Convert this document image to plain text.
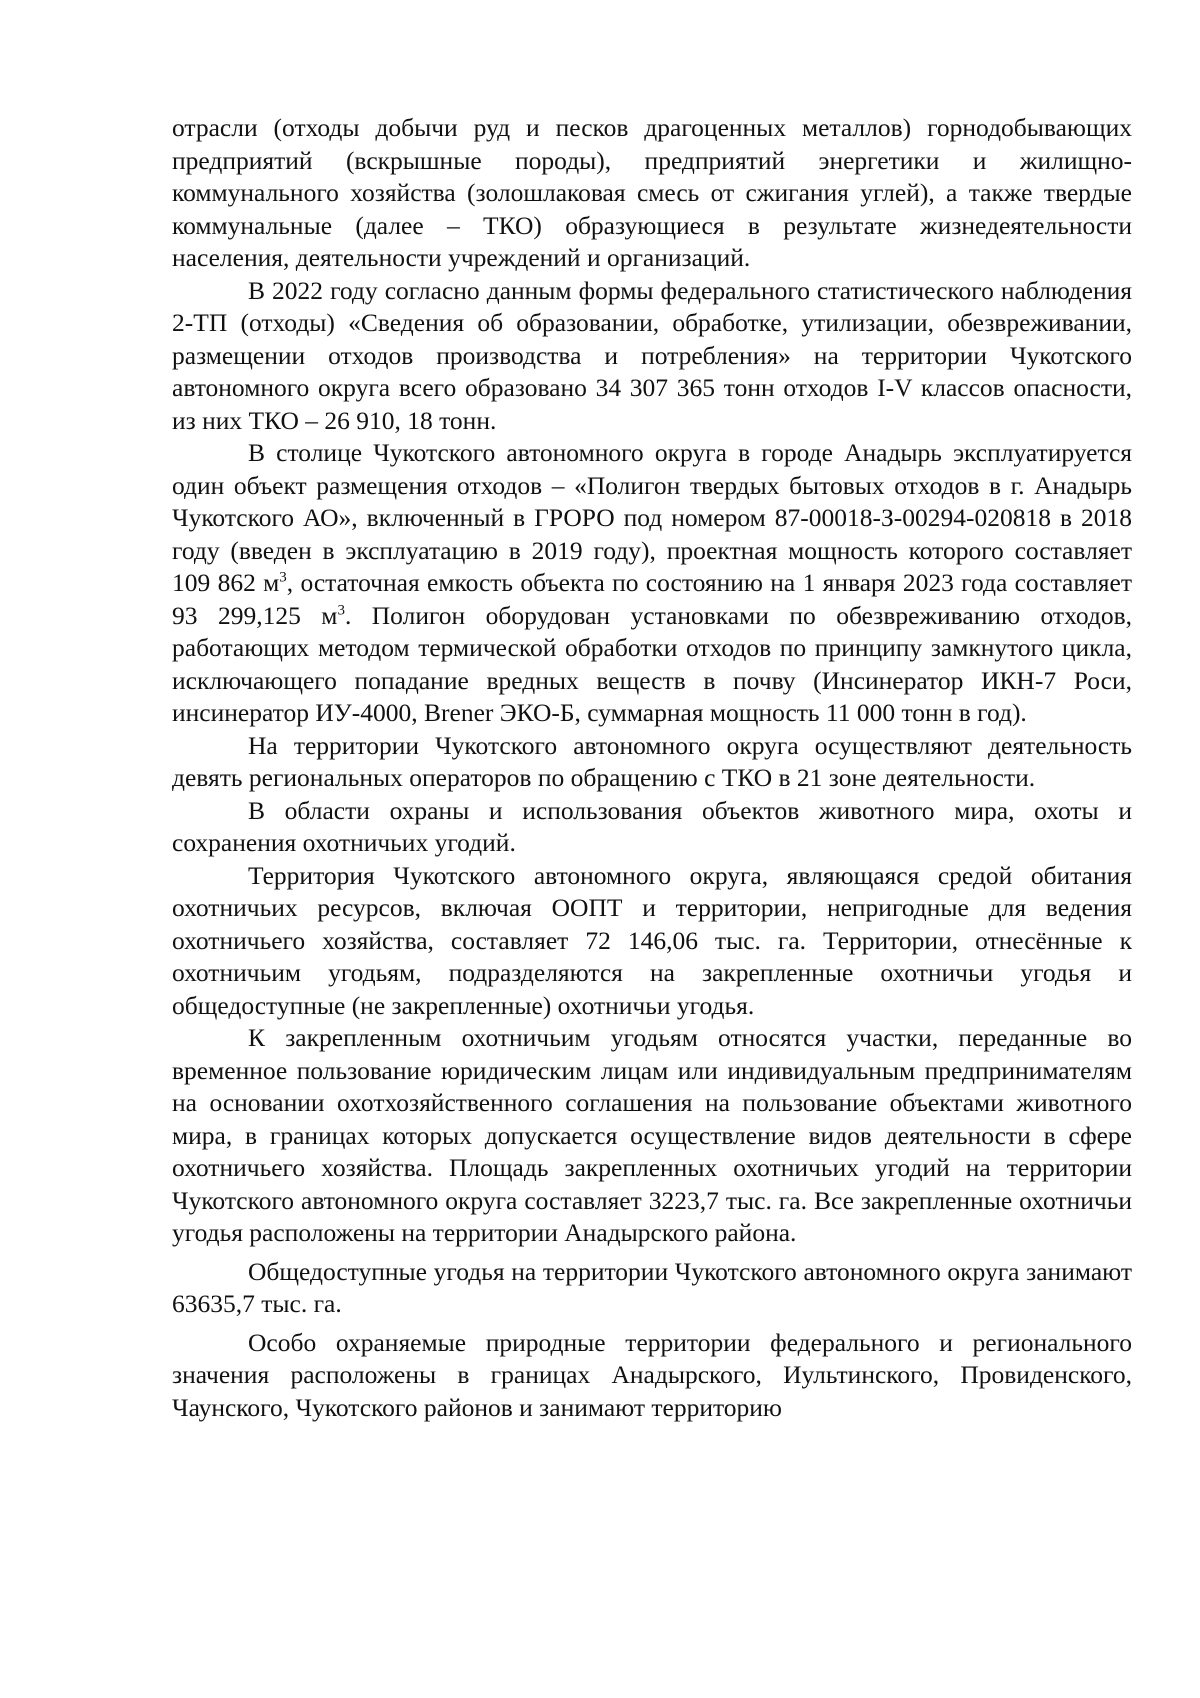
отрасли (отходы добычи руд и песков драгоценных металлов) горнодобывающих предприятий (вскрышные породы), предприятий энергетики и жилищно-коммунального хозяйства (золошлаковая смесь от сжигания углей), а также твердые коммунальные (далее – ТКО) образующиеся в результате жизнедеятельности населения, деятельности учреждений и организаций.

В 2022 году согласно данным формы федерального статистического наблюдения 2-ТП (отходы) «Сведения об образовании, обработке, утилизации, обезвреживании, размещении отходов производства и потребления» на территории Чукотского автономного округа всего образовано 34 307 365 тонн отходов I-V классов опасности, из них ТКО – 26 910, 18 тонн.

В столице Чукотского автономного округа в городе Анадырь эксплуатируется один объект размещения отходов – «Полигон твердых бытовых отходов в г. Анадырь Чукотского АО», включенный в ГРОРО под номером 87-00018-З-00294-020818 в 2018 году (введен в эксплуатацию в 2019 году), проектная мощность которого составляет 109 862 $м^3$, остаточная емкость объекта по состоянию на 1 января 2023 года составляет 93 299,125 $м^3$. Полигон оборудован установками по обезвреживанию отходов, работающих методом термической обработки отходов по принципу замкнутого цикла, исключающего попадание вредных веществ в почву (Инсинератор ИКН-7 Роси, инсинератор ИУ-4000, Brener ЭКО-Б, суммарная мощность 11 000 тонн в год).

На территории Чукотского автономного округа осуществляют деятельность девять региональных операторов по обращению с ТКО в 21 зоне деятельности.

В области охраны и использования объектов животного мира, охоты и сохранения охотничьих угодий.

Территория Чукотского автономного округа, являющаяся средой обитания охотничьих ресурсов, включая ООПТ и территории, непригодные для ведения охотничьего хозяйства, составляет 72 146,06 тыс. га. Территории, отнесённые к охотничьим угодьям, подразделяются на закрепленные охотничьи угодья и общедоступные (не закрепленные) охотничьи угодья.

К закрепленным охотничьим угодьям относятся участки, переданные во временное пользование юридическим лицам или индивидуальным предпринимателям на основании охотхозяйственного соглашения на пользование объектами животного мира, в границах которых допускается осуществление видов деятельности в сфере охотничьего хозяйства. Площадь закрепленных охотничьих угодий на территории Чукотского автономного округа составляет 3223,7 тыс. га. Все закрепленные охотничьи угодья расположены на территории Анадырского района.

Общедоступные угодья на территории Чукотского автономного округа занимают 63635,7 тыс. га.

Особо охраняемые природные территории федерального и регионального значения расположены в границах Анадырского, Иультинского, Провиденского, Чаунского, Чукотского районов и занимают территорию
